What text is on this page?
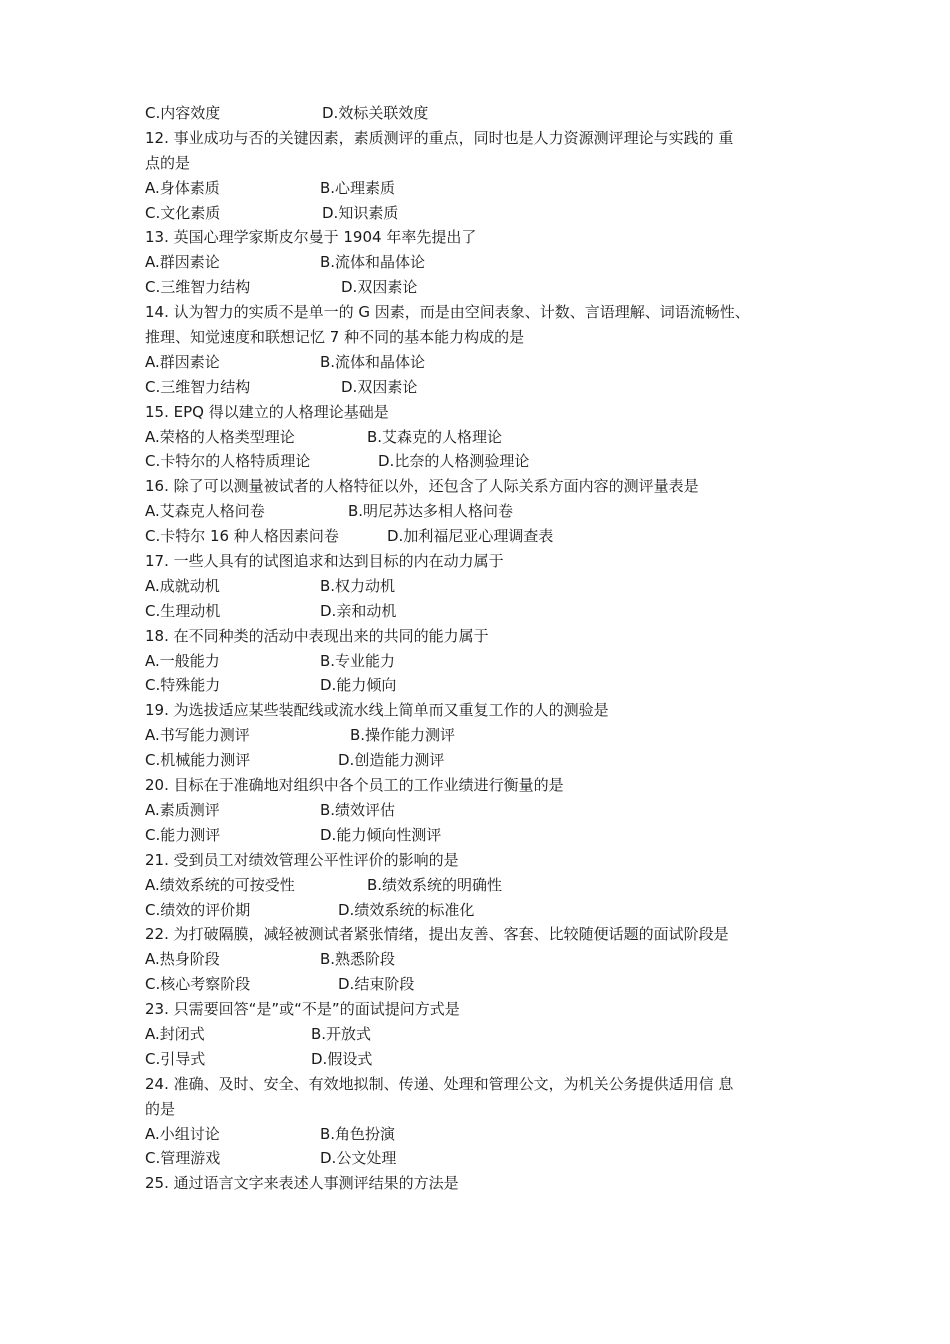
C.内容效度	D.效标关联效度
12. 事业成功与否的关键因素，素质测评的重点，同时也是人力资源测评理论与实践的 重
点的是
A.身体素质	B.心理素质
C.文化素质	D.知识素质
13. 英国心理学家斯皮尔曼于 1904 年率先提出了
A.群因素论	B.流体和晶体论
C.三维智力结构	D.双因素论
14. 认为智力的实质不是单一的 G 因素，而是由空间表象、计数、言语理解、词语流畅性、
推理、知觉速度和联想记忆 7 种不同的基本能力构成的是
A.群因素论	B.流体和晶体论
C.三维智力结构	D.双因素论
15. EPQ 得以建立的人格理论基础是
A.荣格的人格类型理论	B.艾森克的人格理论
C.卡特尔的人格特质理论	D.比奈的人格测验理论
16. 除了可以测量被试者的人格特征以外，还包含了人际关系方面内容的测评量表是
A.艾森克人格问卷	B.明尼苏达多相人格问卷
C.卡特尔 16 种人格因素问卷	D.加利福尼亚心理调查表
17. 一些人具有的试图追求和达到目标的内在动力属于
A.成就动机	B.权力动机
C.生理动机	D.亲和动机
18. 在不同种类的活动中表现出来的共同的能力属于
A.一般能力	B.专业能力
C.特殊能力	D.能力倾向
19. 为选拔适应某些装配线或流水线上简单而又重复工作的人的测验是
A.书写能力测评	B.操作能力测评
C.机械能力测评	D.创造能力测评
20. 目标在于准确地对组织中各个员工的工作业绩进行衡量的是
A.素质测评	B.绩效评估
C.能力测评	D.能力倾向性测评
21. 受到员工对绩效管理公平性评价的影响的是
A.绩效系统的可按受性	B.绩效系统的明确性
C.绩效的评价期	D.绩效系统的标准化
22. 为打破隔膜，减轻被测试者紧张情绪，提出友善、客套、比较随便话题的面试阶段是
A.热身阶段	B.熟悉阶段
C.核心考察阶段	D.结束阶段
23. 只需要回答“是”或“不是”的面试提问方式是
A.封闭式	B.开放式
C.引导式	D.假设式
24. 准确、及时、安全、有效地拟制、传递、处理和管理公文，为机关公务提供适用信 息
的是
A.小组讨论	B.角色扮演
C.管理游戏	D.公文处理
25. 通过语言文字来表述人事测评结果的方法是
